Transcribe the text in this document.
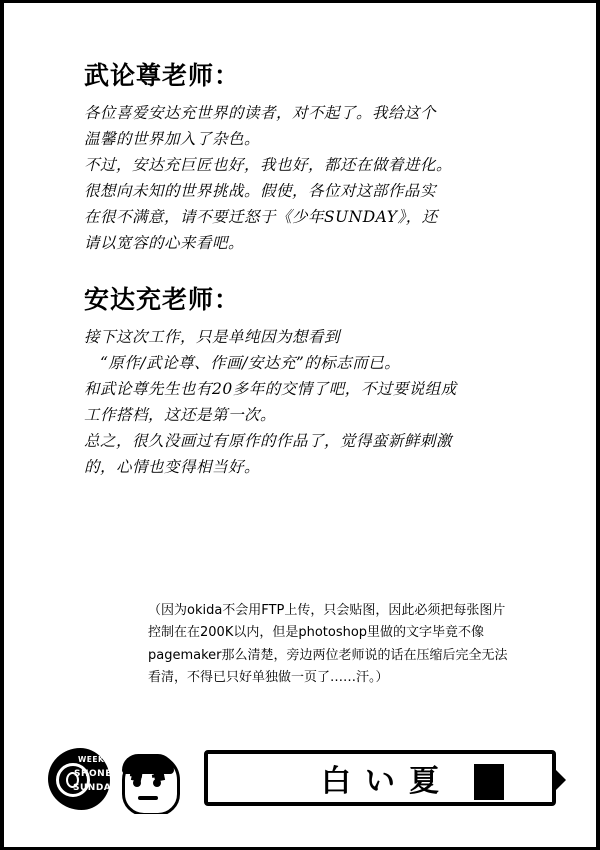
武论尊老师：

各位喜爱安达充世界的读者，对不起了。我给这个

温馨的世界加入了杂色。

不过，安达充巨匠也好，我也好，都还在做着进化。

很想向未知的世界挑战。假使，各位对这部作品实

在很不满意，请不要迁怒于《少年SUNDAY》，还

请以宽容的心来看吧。

安达充老师：

接下这次工作，只是单纯因为想看到

　“原作/武论尊、作画/安达充”的标志而已。

和武论尊先生也有20多年的交情了吧，不过要说组成

工作搭档，这还是第一次。

总之，很久没画过有原作的作品了，觉得蛮新鲜刺激

的，心情也变得相当好。

（因为okida不会用FTP上传，只会贴图，因此必须把每张图片控制在在200K以内，但是photoshop里做的文字毕竟不像pagemaker那么清楚，旁边两位老师说的话在压缩后完全无法看清，不得已只好单独做一页了……汗。）

WEEKLY
SHONEN
SUNDAY	白い夏
